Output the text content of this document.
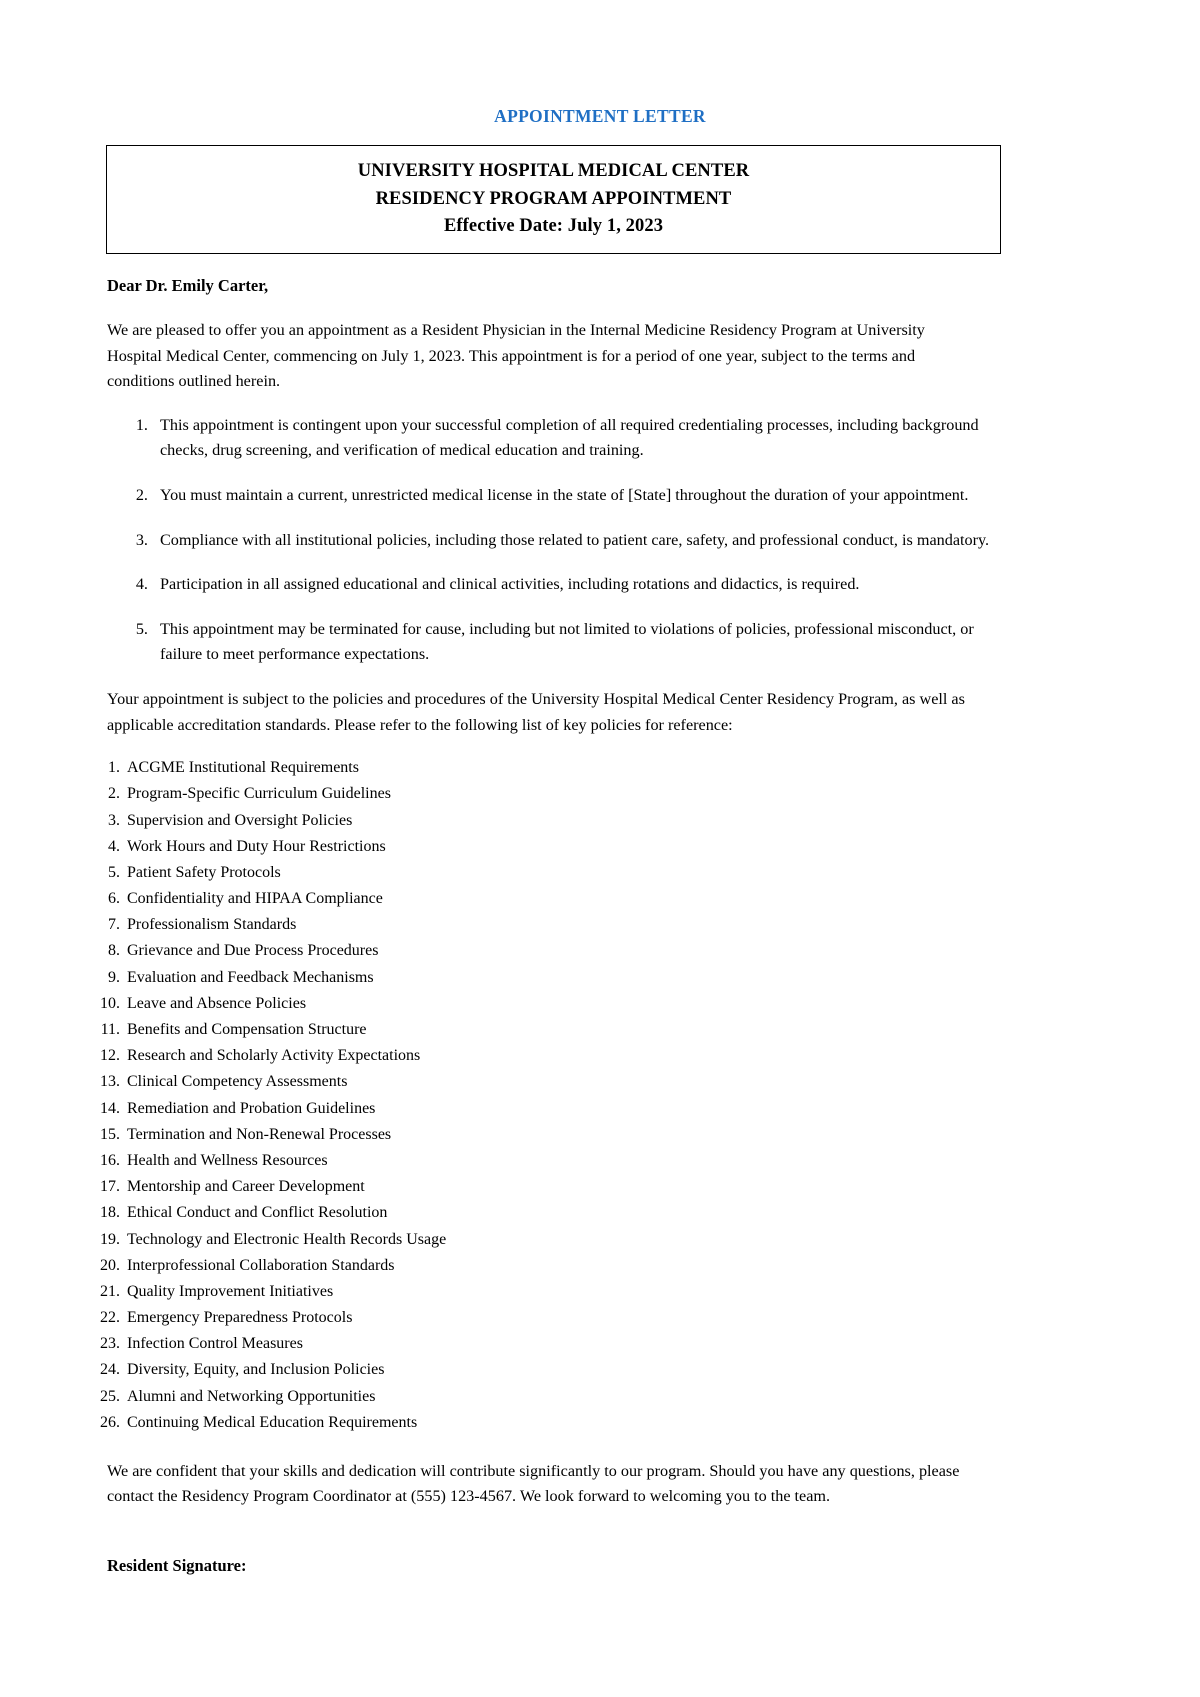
APPOINTMENT LETTER
UNIVERSITY HOSPITAL MEDICAL CENTER
RESIDENCY PROGRAM APPOINTMENT
Effective Date: July 1, 2023
Dear Dr. Emily Carter,

We are pleased to offer you an appointment as a Resident Physician in the Internal Medicine Residency Program at University Hospital Medical Center, commencing on July 1, 2023. This appointment is for a period of one year, subject to the terms and conditions outlined herein.

1. This appointment is contingent upon your successful completion of all required credentialing processes, including background checks, drug screening, and verification of medical education and training.
2. You must maintain a current, unrestricted medical license in the state of [State] throughout the duration of your appointment.
3. Compliance with all institutional policies, including those related to patient care, safety, and professional conduct, is mandatory.
4. Participation in all assigned educational and clinical activities, including rotations and didactics, is required.
5. This appointment may be terminated for cause, including but not limited to violations of policies, professional misconduct, or failure to meet performance expectations.

Your appointment is subject to the policies and procedures of the University Hospital Medical Center Residency Program, as well as applicable accreditation standards. Please refer to the following list of key policies for reference:

1. ACGME Institutional Requirements
2. Program-Specific Curriculum Guidelines
3. Supervision and Oversight Policies
4. Work Hours and Duty Hour Restrictions
5. Patient Safety Protocols
6. Confidentiality and HIPAA Compliance
7. Professionalism Standards
8. Grievance and Due Process Procedures
9. Evaluation and Feedback Mechanisms
10. Leave and Absence Policies
11. Benefits and Compensation Structure
12. Research and Scholarly Activity Expectations
13. Clinical Competency Assessments
14. Remediation and Probation Guidelines
15. Termination and Non-Renewal Processes
16. Health and Wellness Resources
17. Mentorship and Career Development
18. Ethical Conduct and Conflict Resolution
19. Technology and Electronic Health Records Usage
20. Interprofessional Collaboration Standards
21. Quality Improvement Initiatives
22. Emergency Preparedness Protocols
23. Infection Control Measures
24. Diversity, Equity, and Inclusion Policies
25. Alumni and Networking Opportunities
26. Continuing Medical Education Requirements

We are confident that your skills and dedication will contribute significantly to our program. Should you have any questions, please contact the Residency Program Coordinator at (555) 123-4567. We look forward to welcoming you to the team.

Resident Signature:
